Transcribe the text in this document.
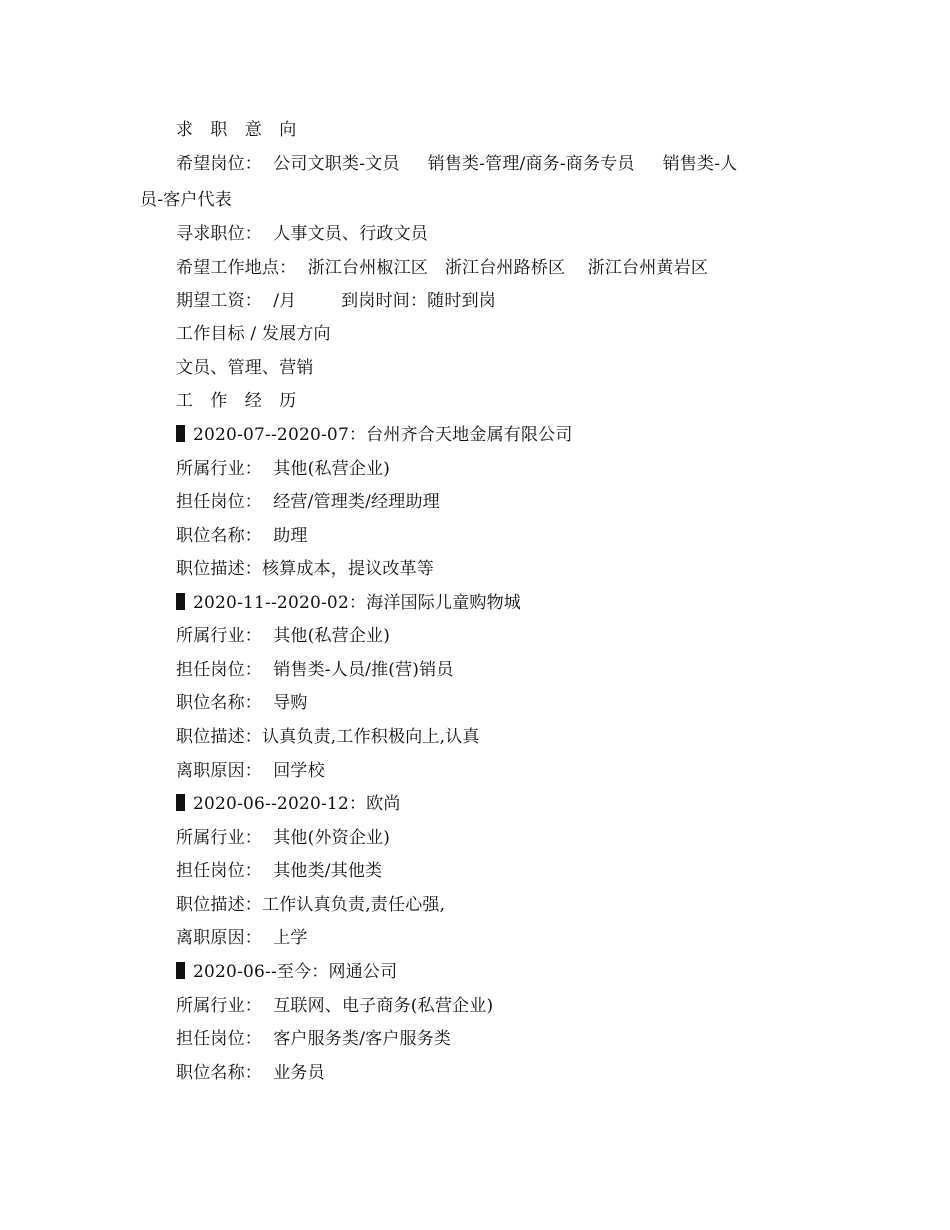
求 职 意 向
希望岗位：  公司文职类-文员     销售类-管理/商务-商务专员     销售类-人
员-客户代表
寻求职位：  人事文员、行政文员
希望工作地点：  浙江台州椒江区   浙江台州路桥区    浙江台州黄岩区
期望工资：  /月        到岗时间：随时到岗
工作目标 / 发展方向
文员、管理、营销
工 作 经 历
2020-07--2020-07：台州齐合天地金属有限公司
所属行业：  其他(私营企业)
担任岗位：  经营/管理类/经理助理
职位名称：  助理
职位描述：核算成本，提议改革等
2020-11--2020-02：海洋国际儿童购物城
所属行业：  其他(私营企业)
担任岗位：  销售类-人员/推(营)销员
职位名称：  导购
职位描述：认真负责,工作积极向上,认真
离职原因：  回学校
2020-06--2020-12：欧尚
所属行业：  其他(外资企业)
担任岗位：  其他类/其他类
职位描述：工作认真负责,责任心强,
离职原因：  上学
2020-06--至今：网通公司
所属行业：  互联网、电子商务(私营企业)
担任岗位：  客户服务类/客户服务类
职位名称：  业务员
